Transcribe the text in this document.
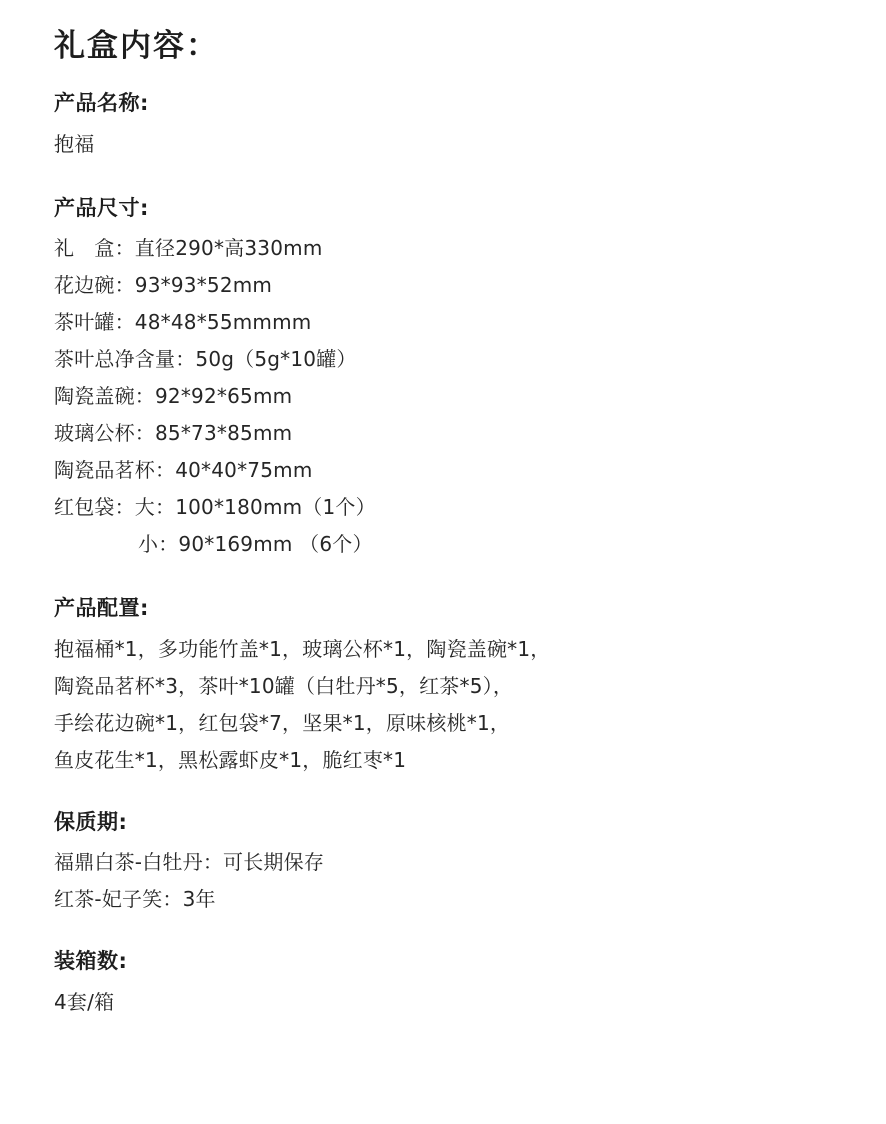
礼盒内容：
产品名称:
抱福
产品尺寸:
礼　盒：直径290*高330mm
花边碗：93*93*52mm
茶叶罐：48*48*55mmmm
茶叶总净含量：50g（5g*10罐）
陶瓷盖碗：92*92*65mm
玻璃公杯：85*73*85mm
陶瓷品茗杯：40*40*75mm
红包袋：大：100*180mm（1个）
小：90*169mm （6个）
产品配置:
抱福桶*1，多功能竹盖*1，玻璃公杯*1，陶瓷盖碗*1，
陶瓷品茗杯*3，茶叶*10罐（白牡丹*5，红茶*5），
手绘花边碗*1，红包袋*7，坚果*1，原味核桃*1，
鱼皮花生*1，黑松露虾皮*1，脆红枣*1
保质期:
福鼎白茶-白牡丹：可长期保存
红茶-妃子笑：3年
装箱数:
4套/箱
